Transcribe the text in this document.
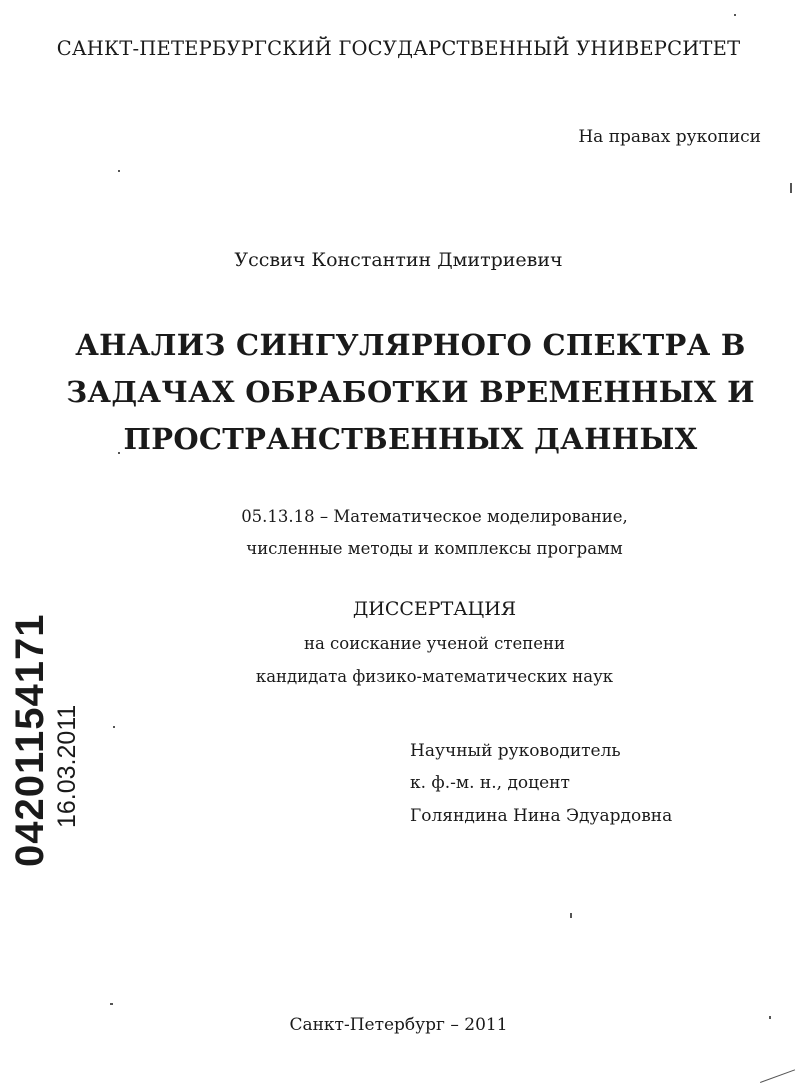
САНКТ-ПЕТЕРБУРГСКИЙ ГОСУДАРСТВЕННЫЙ УНИВЕРСИТЕТ
На правах рукописи
Уссвич Константин Дмитриевич
АНАЛИЗ СИНГУЛЯРНОГО СПЕКТРА В
ЗАДАЧАХ ОБРАБОТКИ ВРЕМЕННЫХ И
ПРОСТРАНСТВЕННЫХ ДАННЫХ
05.13.18 – Математическое моделирование,
численные методы и комплексы программ
ДИССЕРТАЦИЯ
на соискание ученой степени
кандидата физико-математических наук
Научный руководитель
к. ф.-м. н., доцент
Голяндина Нина Эдуардовна
Санкт-Петербург – 2011
04201154171 16.03.2011
